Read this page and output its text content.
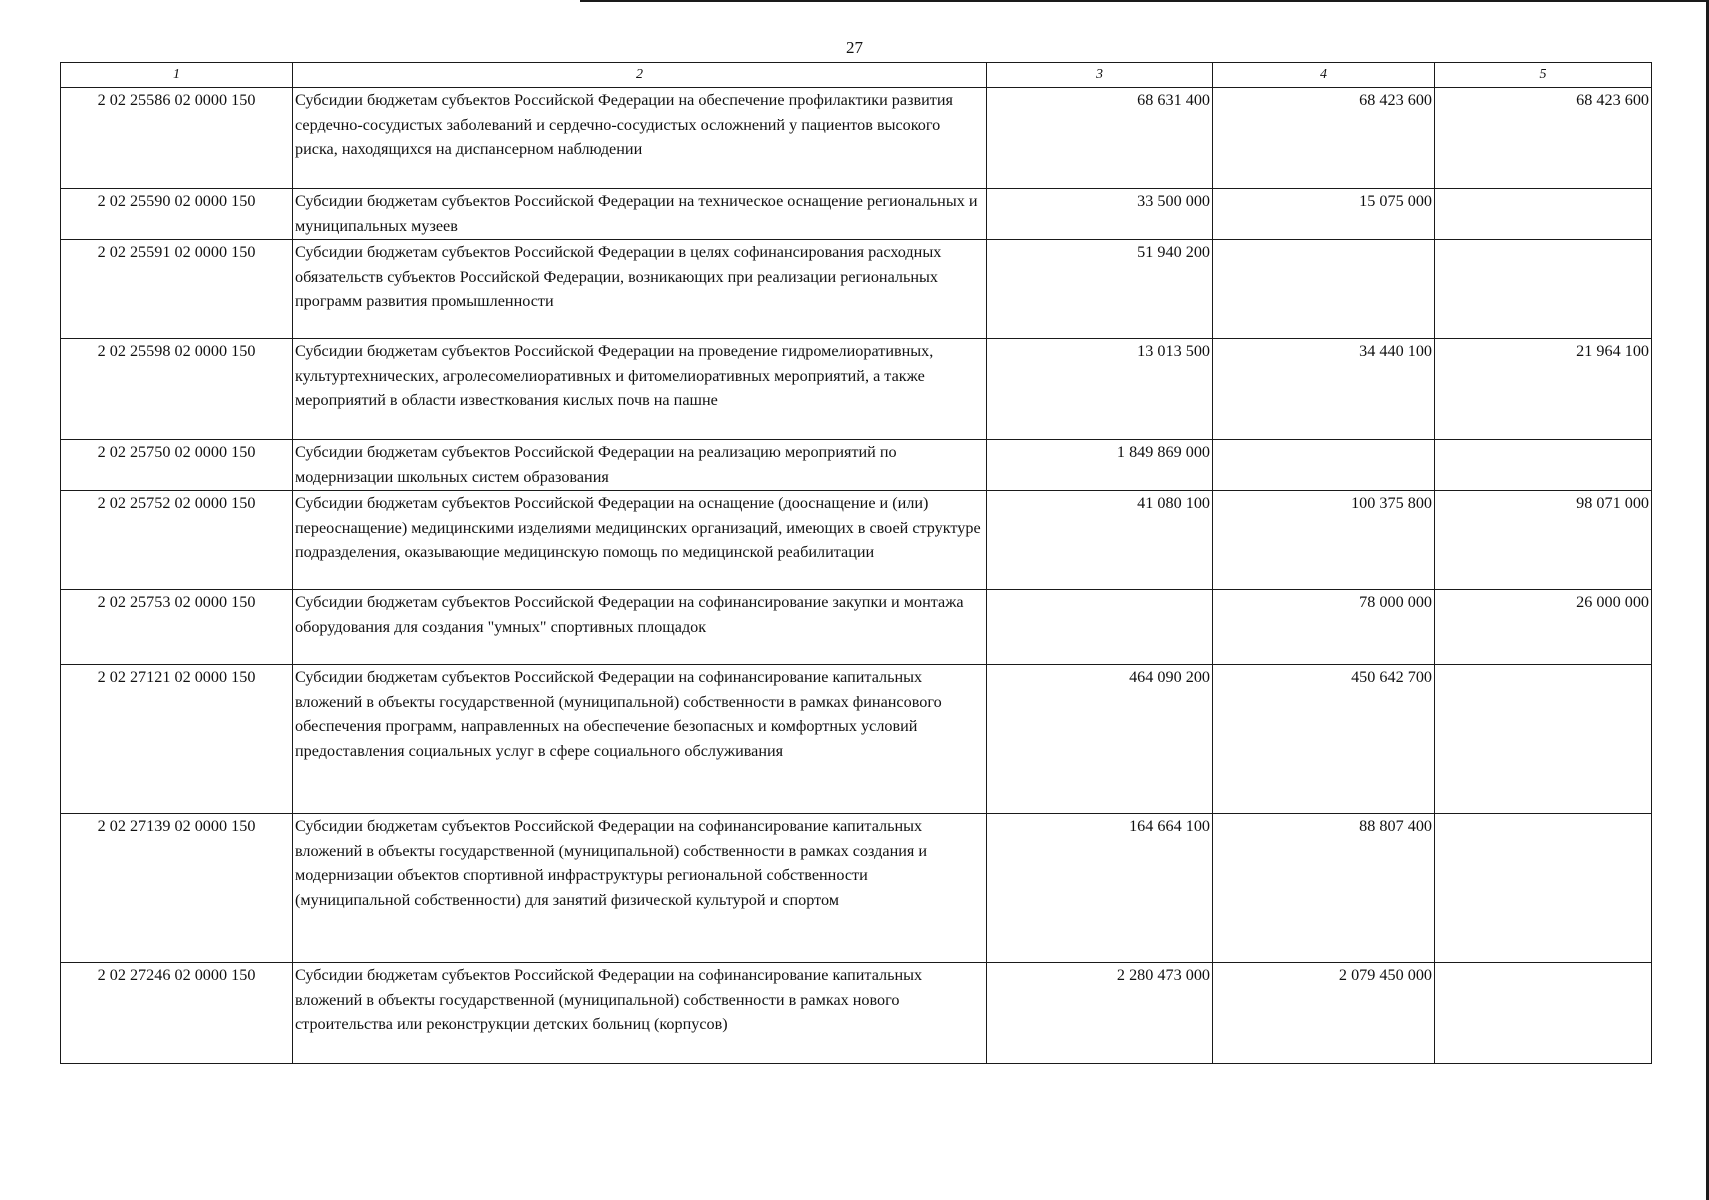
27
1	2	3	4	5
2 02 25586 02 0000 150	Субсидии бюджетам субъектов Российской Федерации на обеспечение профилактики развития сердечно-сосудистых заболеваний и сердечно-сосудистых осложнений у пациентов высокого риска, находящихся на диспансерном наблюдении	68 631 400	68 423 600	68 423 600
2 02 25590 02 0000 150	Субсидии бюджетам субъектов Российской Федерации на техническое оснащение региональных и муниципальных музеев	33 500 000	15 075 000	
2 02 25591 02 0000 150	Субсидии бюджетам субъектов Российской Федерации в целях софинансирования расходных обязательств субъектов Российской Федерации, возникающих при реализации региональных программ развития промышленности	51 940 200		
2 02 25598 02 0000 150	Субсидии бюджетам субъектов Российской Федерации на проведение гидромелиоративных, культуртехнических, агролесомелиоративных и фитомелиоративных мероприятий, а также мероприятий в области известкования кислых почв на пашне	13 013 500	34 440 100	21 964 100
2 02 25750 02 0000 150	Субсидии бюджетам субъектов Российской Федерации на реализацию мероприятий по модернизации школьных систем образования	1 849 869 000		
2 02 25752 02 0000 150	Субсидии бюджетам субъектов Российской Федерации на оснащение (дооснащение и (или) переоснащение) медицинскими изделиями медицинских организаций, имеющих в своей структуре подразделения, оказывающие медицинскую помощь по медицинской реабилитации	41 080 100	100 375 800	98 071 000
2 02 25753 02 0000 150	Субсидии бюджетам субъектов Российской Федерации на софинансирование закупки и монтажа оборудования для создания "умных" спортивных площадок		78 000 000	26 000 000
2 02 27121 02 0000 150	Субсидии бюджетам субъектов Российской Федерации на софинансирование капитальных вложений в объекты государственной (муниципальной) собственности в рамках финансового обеспечения программ, направленных на обеспечение безопасных и комфортных условий предоставления социальных услуг в сфере социального обслуживания	464 090 200	450 642 700	
2 02 27139 02 0000 150	Субсидии бюджетам субъектов Российской Федерации на софинансирование капитальных вложений в объекты государственной (муниципальной) собственности в рамках создания и модернизации объектов спортивной инфраструктуры региональной собственности (муниципальной собственности) для занятий физической культурой и спортом	164 664 100	88 807 400	
2 02 27246 02 0000 150	Субсидии бюджетам субъектов Российской Федерации на софинансирование капитальных вложений в объекты государственной (муниципальной) собственности в рамках нового строительства или реконструкции детских больниц (корпусов)	2 280 473 000	2 079 450 000	
